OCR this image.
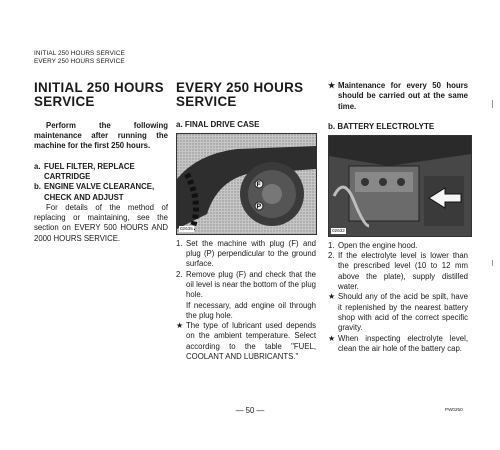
INITIAL 250 HOURS SERVICE
EVERY 250 HOURS SERVICE
INITIAL 250 HOURS
SERVICE
Perform the following maintenance after running the machine for the first 250 hours.
a. FUEL FILTER, REPLACE CARTRIDGE
b. ENGINE VALVE CLEARANCE, CHECK AND ADJUST
For details of the method of replacing or maintaining, see the section on EVERY 500 HOURS AND 2000 HOURS SERVICE.
EVERY 250 HOURS
SERVICE
a. FINAL DRIVE CASE
F
P
02635
1. Set the machine with plug (F) and plug (P) perpendicular to the ground surface.
2. Remove plug (F) and check that the oil level is near the bottom of the plug hole.
If necessary, add engine oil through the plug hole.
★ The type of lubricant used depends on the ambient temperature. Select according to the table "FUEL, COOLANT AND LUBRICANTS."
★ Maintenance for every 50 hours should be carried out at the same time.
b. BATTERY ELECTROLYTE
02632
1. Open the engine hood.
2. If the electrolyte level is lower than the prescribed level (10 to 12 mm above the plate), supply distilled water.
★ Should any of the acid be spilt, have it replenished by the nearest battery shop with acid of the correct specific gravity.
★ When inspecting electrolyte level, clean the air hole of the battery cap.
— 50 —	PW0250
